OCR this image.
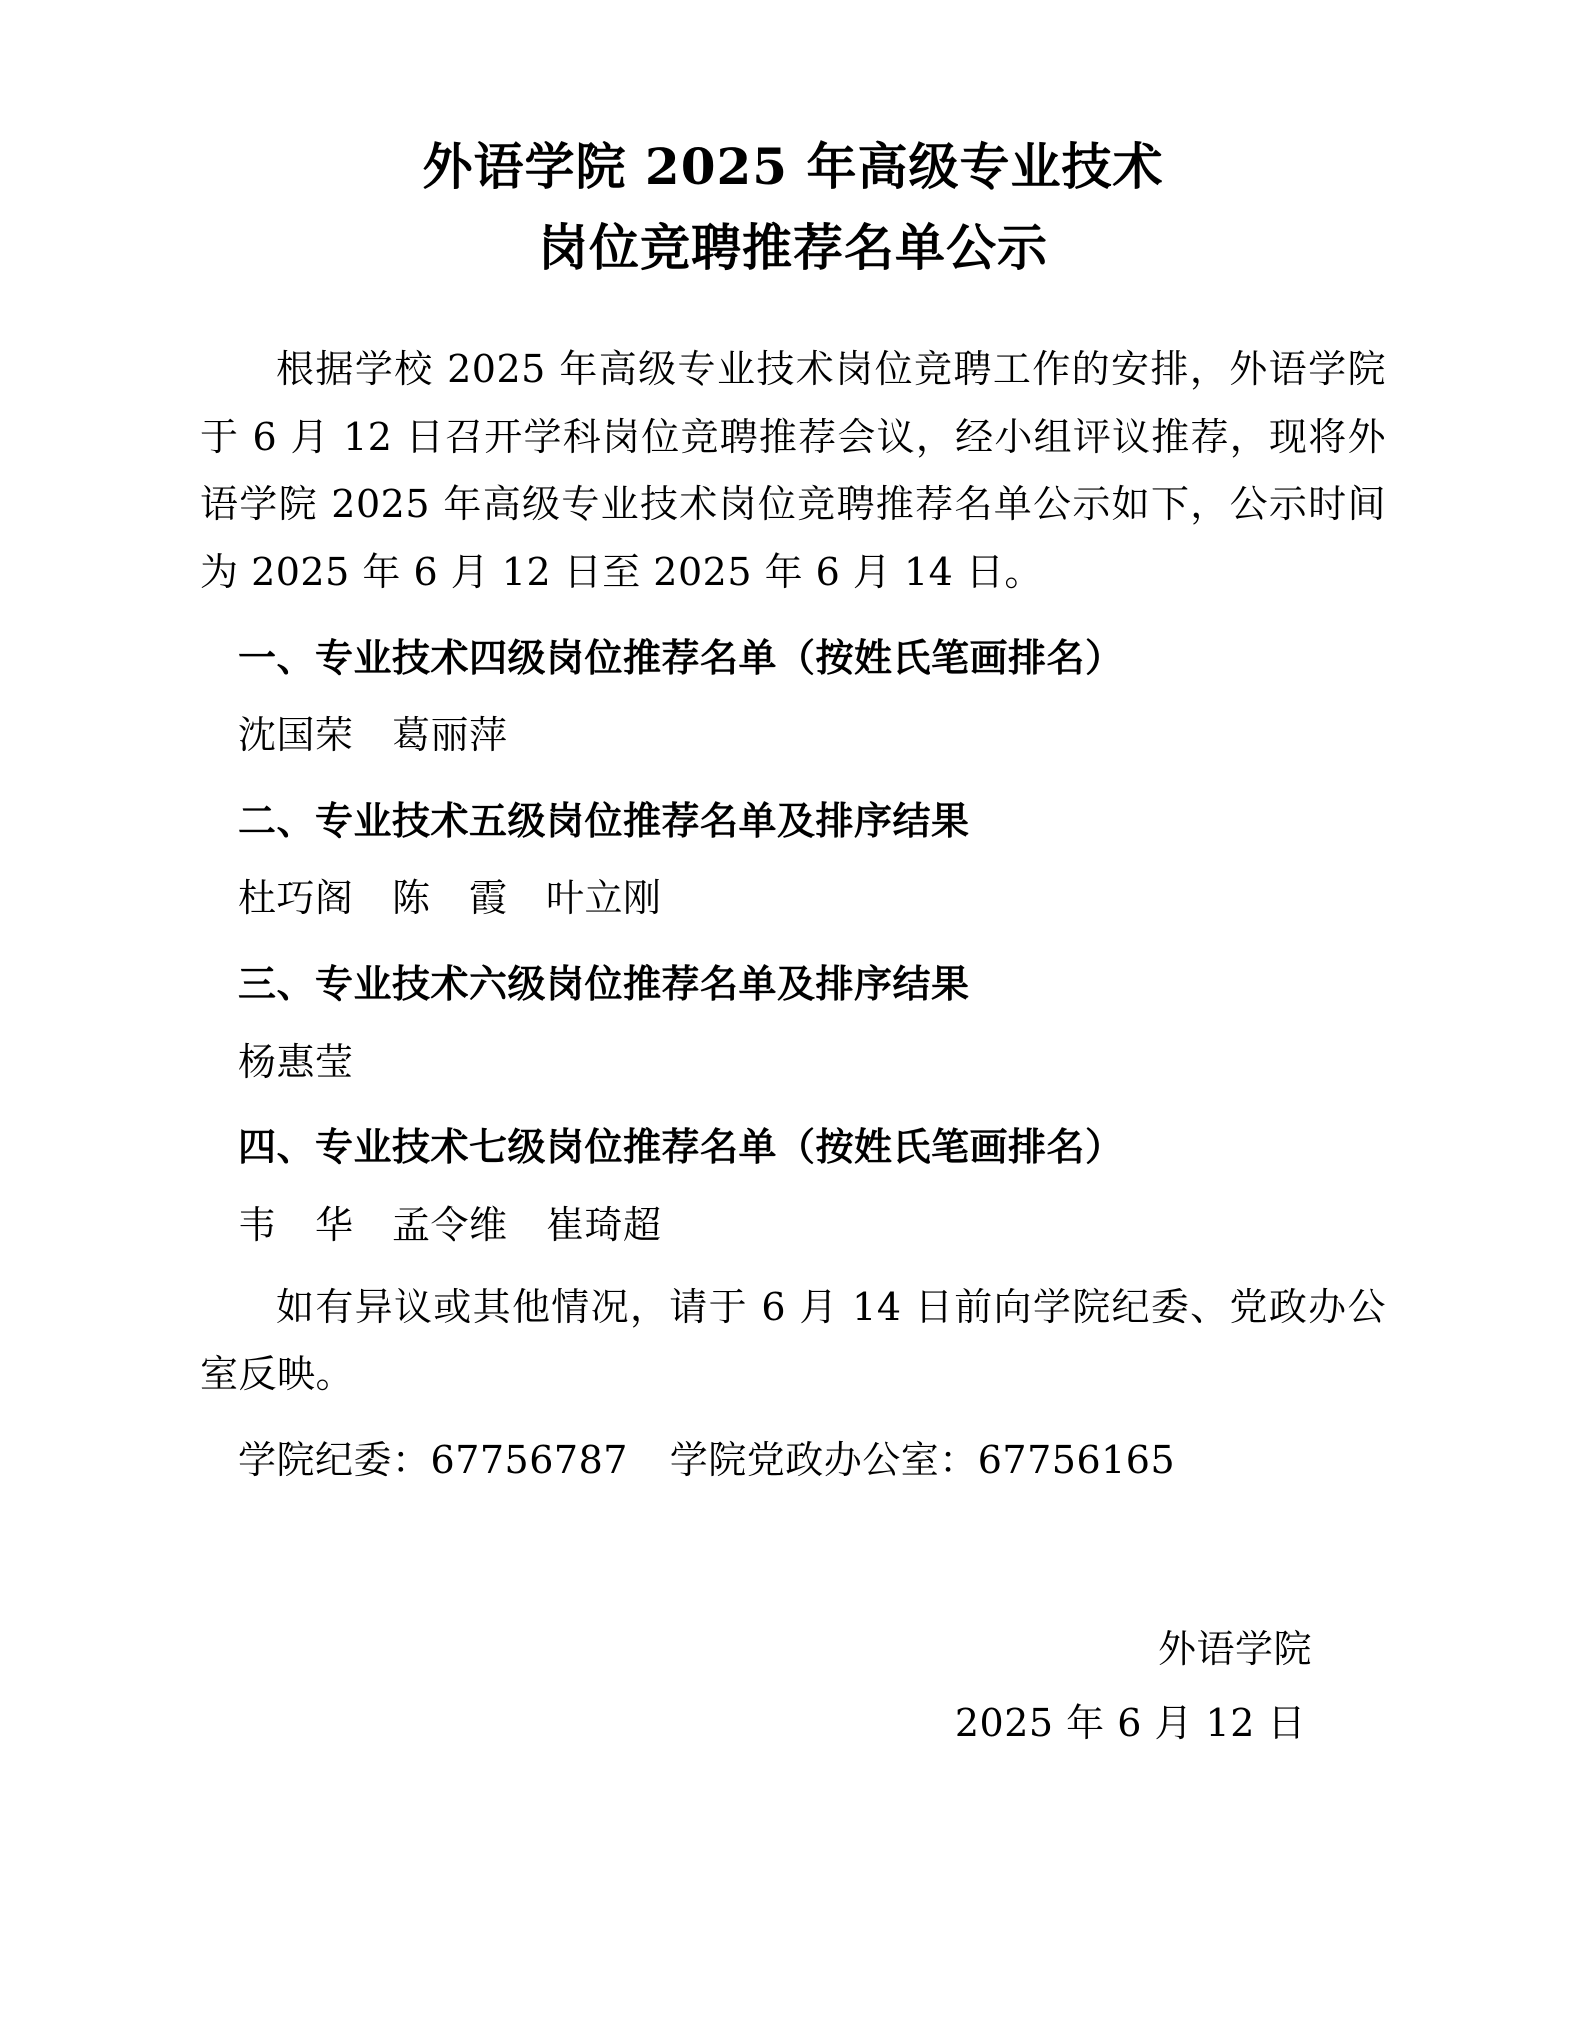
外语学院 2025 年高级专业技术
岗位竞聘推荐名单公示

根据学校 2025 年高级专业技术岗位竞聘工作的安排，外语学院于 6 月 12 日召开学科岗位竞聘推荐会议，经小组评议推荐，现将外语学院 2025 年高级专业技术岗位竞聘推荐名单公示如下，公示时间为 2025 年 6 月 12 日至 2025 年 6 月 14 日。

一、专业技术四级岗位推荐名单（按姓氏笔画排名）

沈国荣　葛丽萍

二、专业技术五级岗位推荐名单及排序结果

杜巧阁　陈　霞　叶立刚

三、专业技术六级岗位推荐名单及排序结果

杨惠莹

四、专业技术七级岗位推荐名单（按姓氏笔画排名）

韦　华　孟令维　崔琦超

如有异议或其他情况，请于 6 月 14 日前向学院纪委、党政办公室反映。

学院纪委：67756787 学院党政办公室：67756165

外语学院
2025 年 6 月 12 日
